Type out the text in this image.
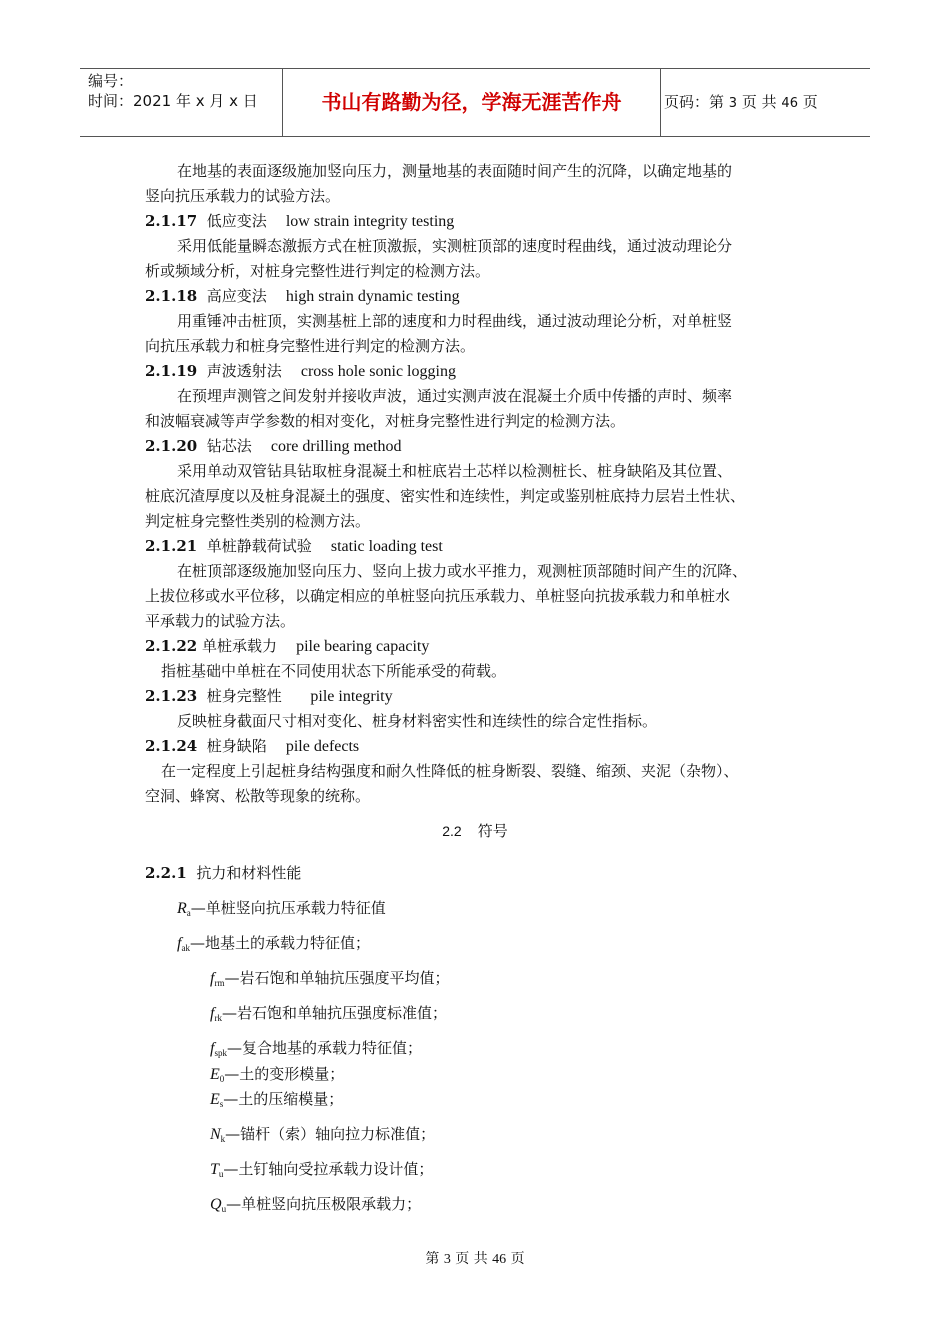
编号：
时间：2021 年 x 月 x 日	书山有路勤为径，学海无涯苦作舟	页码：第 3 页 共 46 页
在地基的表面逐级施加竖向压力，测量地基的表面随时间产生的沉降，以确定地基的
竖向抗压承载力的试验方法。
2.1.17 低应变法 low strain integrity testing
采用低能量瞬态激振方式在桩顶激振，实测桩顶部的速度时程曲线，通过波动理论分
析或频域分析，对桩身完整性进行判定的检测方法。
2.1.18 高应变法 high strain dynamic testing
用重锤冲击桩顶，实测基桩上部的速度和力时程曲线，通过波动理论分析，对单桩竖
向抗压承载力和桩身完整性进行判定的检测方法。
2.1.19 声波透射法 cross hole sonic logging
在预埋声测管之间发射并接收声波，通过实测声波在混凝土介质中传播的声时、频率
和波幅衰减等声学参数的相对变化，对桩身完整性进行判定的检测方法。
2.1.20 钻芯法 core drilling method
采用单动双管钻具钻取桩身混凝土和桩底岩土芯样以检测桩长、桩身缺陷及其位置、
桩底沉渣厚度以及桩身混凝土的强度、密实性和连续性，判定或鉴别桩底持力层岩土性状、
判定桩身完整性类别的检测方法。
2.1.21 单桩静载荷试验 static loading test
在桩顶部逐级施加竖向压力、竖向上拔力或水平推力，观测桩顶部随时间产生的沉降、
上拔位移或水平位移，以确定相应的单桩竖向抗压承载力、单桩竖向抗拔承载力和单桩水
平承载力的试验方法。
2.1.22 单桩承载力 pile bearing capacity
指桩基础中单桩在不同使用状态下所能承受的荷载。
2.1.23 桩身完整性 pile integrity
反映桩身截面尺寸相对变化、桩身材料密实性和连续性的综合定性指标。
2.1.24 桩身缺陷 pile defects
在一定程度上引起桩身结构强度和耐久性降低的桩身断裂、裂缝、缩颈、夹泥（杂物）、
空洞、蜂窝、松散等现象的统称。
2.2 符号
2.2.1 抗力和材料性能
$R_a—$单桩竖向抗压承载力特征值
$f_{ak}—$地基土的承载力特征值；
$f_{rm}—$岩石饱和单轴抗压强度平均值；
$f_{rk}—$岩石饱和单轴抗压强度标准值；
$f_{spk}—$复合地基的承载力特征值；
$E_0—$土的变形模量；
$E_s—$土的压缩模量；
$N_k—$锚杆（索）轴向拉力标准值；
$T_u—$土钉轴向受拉承载力设计值；
$Q_u—$单桩竖向抗压极限承载力；
第 3 页 共 46 页
